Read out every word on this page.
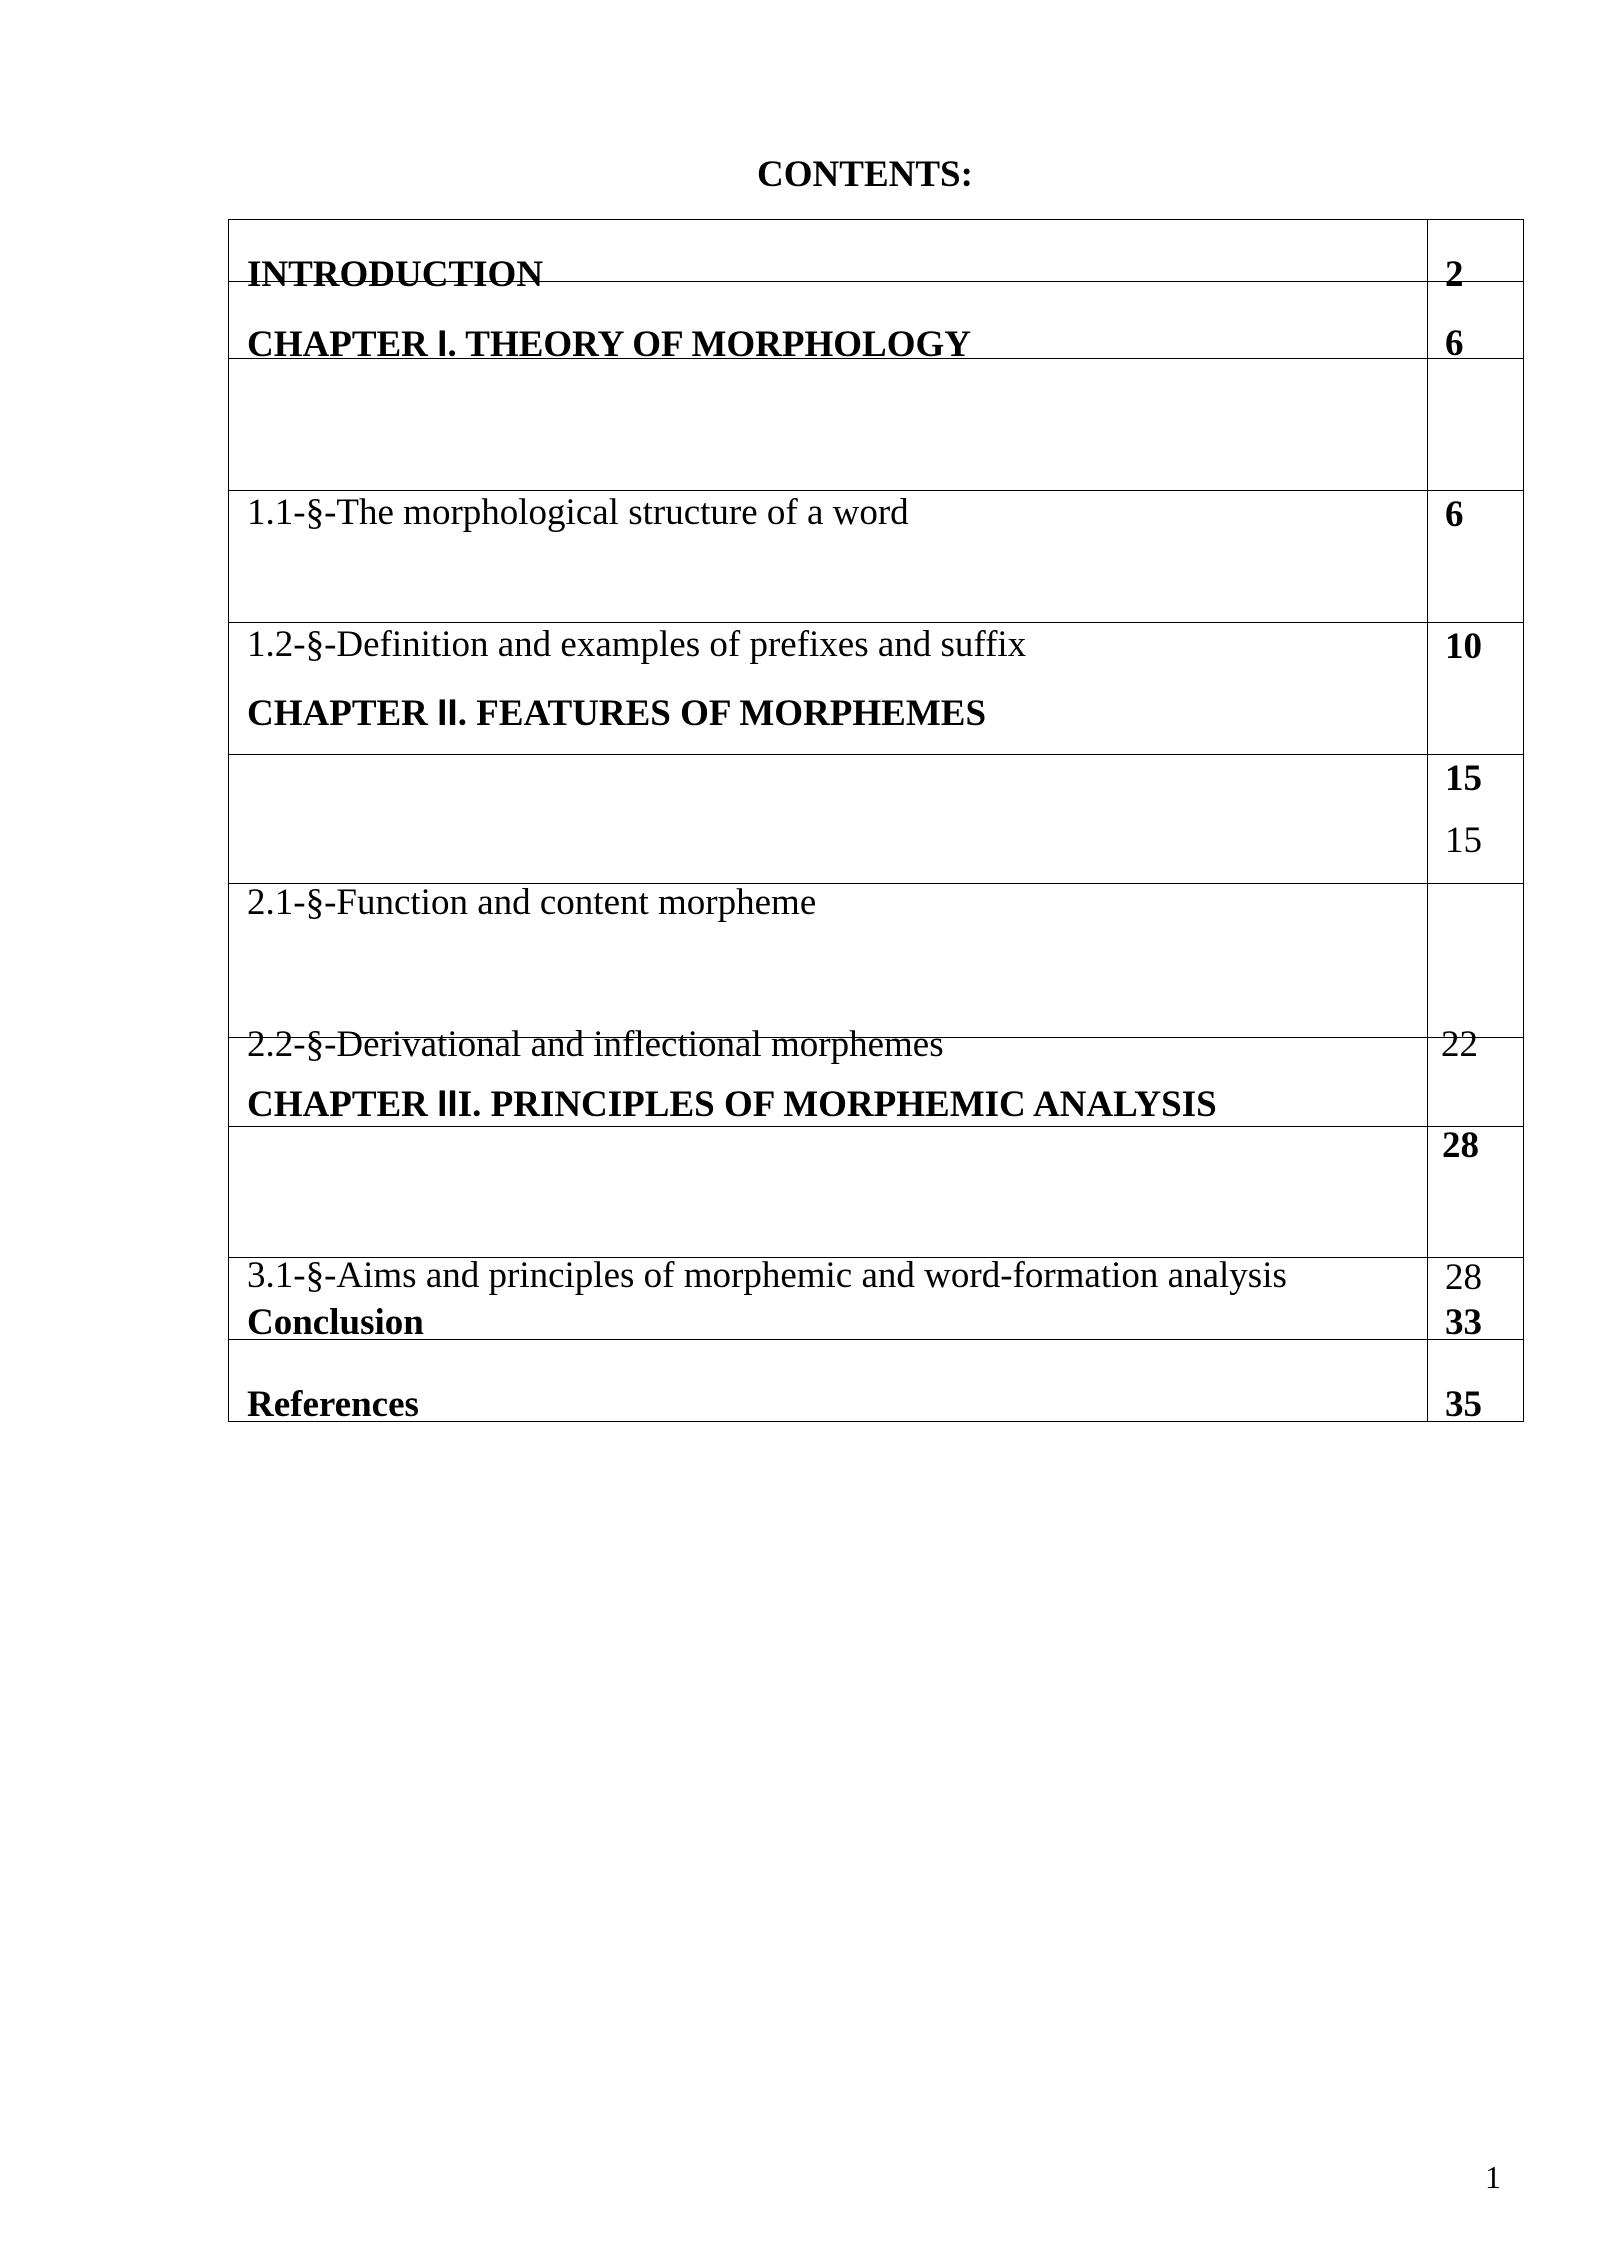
CONTENTS:
INTRODUCTION	2

CHAPTER I. THEORY OF MORPHOLOGY	6

1.1-§-The morphological structure of a word	6

1.2-§-Definition and examples of prefixes and suffix	10

CHAPTER II. FEATURES OF MORPHEMES	15

2.1-§-Function and content morpheme	15

2.2-§-Derivational and inflectional morphemes	22

CHAPTER III. PRINCIPLES OF MORPHEMIC ANALYSIS	28

3.1-§-Aims and principles of morphemic and word-formation analysis	28

Conclusion	33

References	35
1
